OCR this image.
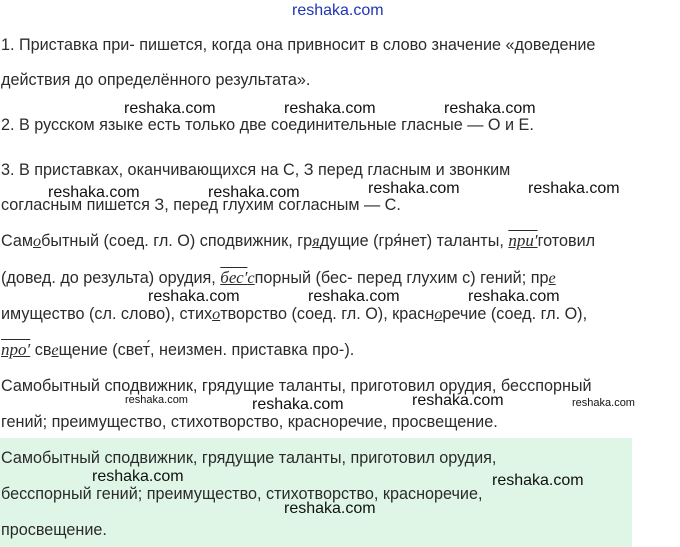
reshaka.com
1. Приставка при- пишется, когда она привносит в слово значение «доведение
действия до определённого результата».
2. В русском языке есть только две соединительные гласные — О и Е.
3. В приставках, оканчивающихся на С, З перед гласным и звонким
согласным пишется З, перед глухим согласным — С.
Самобытный (соед. гл. О) сподвижник, грядущие (гря́нет) таланты, при′готовил
(довед. до результа) орудия, бес′спорный (бес- перед глухим с) гений; пре
имущество (сл. слово), стихотворство (соед. гл. О), красноречие (соед. гл. О),
про′ свещение (свет́, неизмен. приставка про-).
Самобытный сподвижник, грядущие таланты, приготовил орудия, бесспорный
гений; преимущество, стихотворство, красноречие, просвещение.
Самобытный сподвижник, грядущие таланты, приготовил орудия,
бесспорный гений; преимущество, стихотворство, красноречие,
просвещение.
reshaka.com	reshaka.com	reshaka.com
reshaka.com	reshaka.com	reshaka.com	reshaka.com
reshaka.com	reshaka.com	reshaka.com
reshaka.com	reshaka.com	reshaka.com	reshaka.com
reshaka.com	reshaka.com
reshaka.com
